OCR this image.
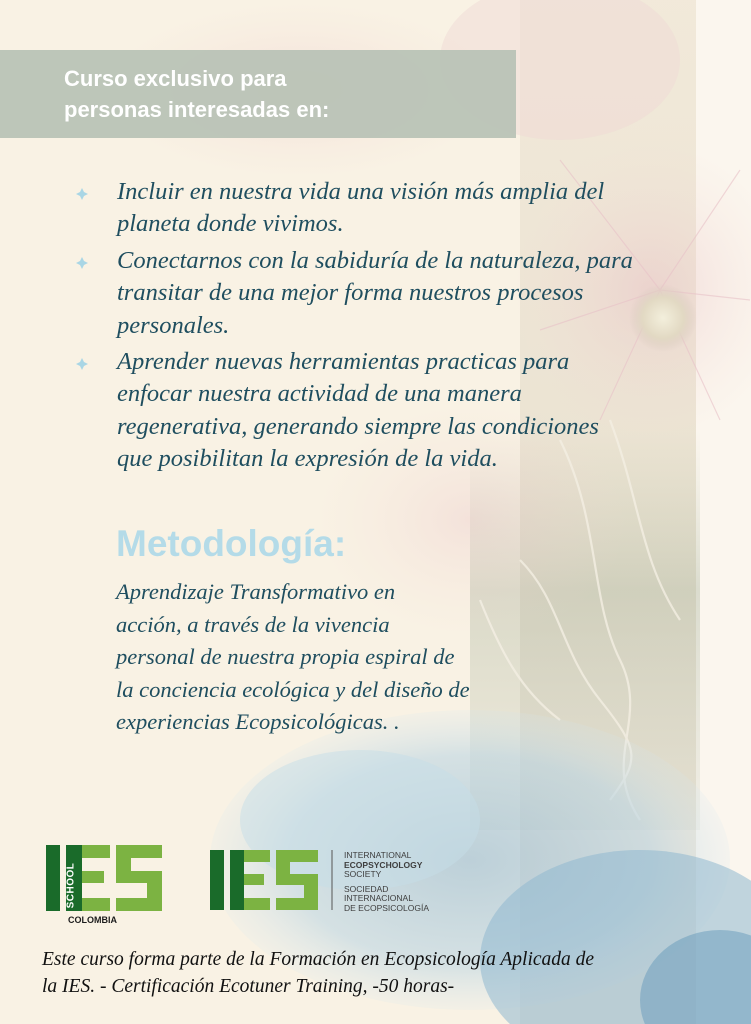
Curso exclusivo para
personas interesadas en:
Incluir en nuestra vida una visión más amplia del
planeta donde vivimos.
Conectarnos con la sabiduría de la naturaleza, para
transitar de una mejor forma nuestros procesos
personales.
Aprender nuevas herramientas practicas para
enfocar nuestra actividad de una manera
regenerativa, generando siempre las condiciones
que posibilitan la expresión de la vida.
Metodología:

Aprendizaje Transformativo en
acción, a través de la vivencia
personal de nuestra propia espiral de
la conciencia ecológica y del diseño de
experiencias Ecopsicológicas. .

SCHOOL
COLOMBIA
INTERNATIONAL
ECOPSYCHOLOGY
SOCIETY
SOCIEDAD
INTERNACIONAL
DE ECOPSICOLOGÍA

Este curso forma parte de la Formación en Ecopsicología Aplicada de
la IES. - Certificación Ecotuner Training, -50 horas-
